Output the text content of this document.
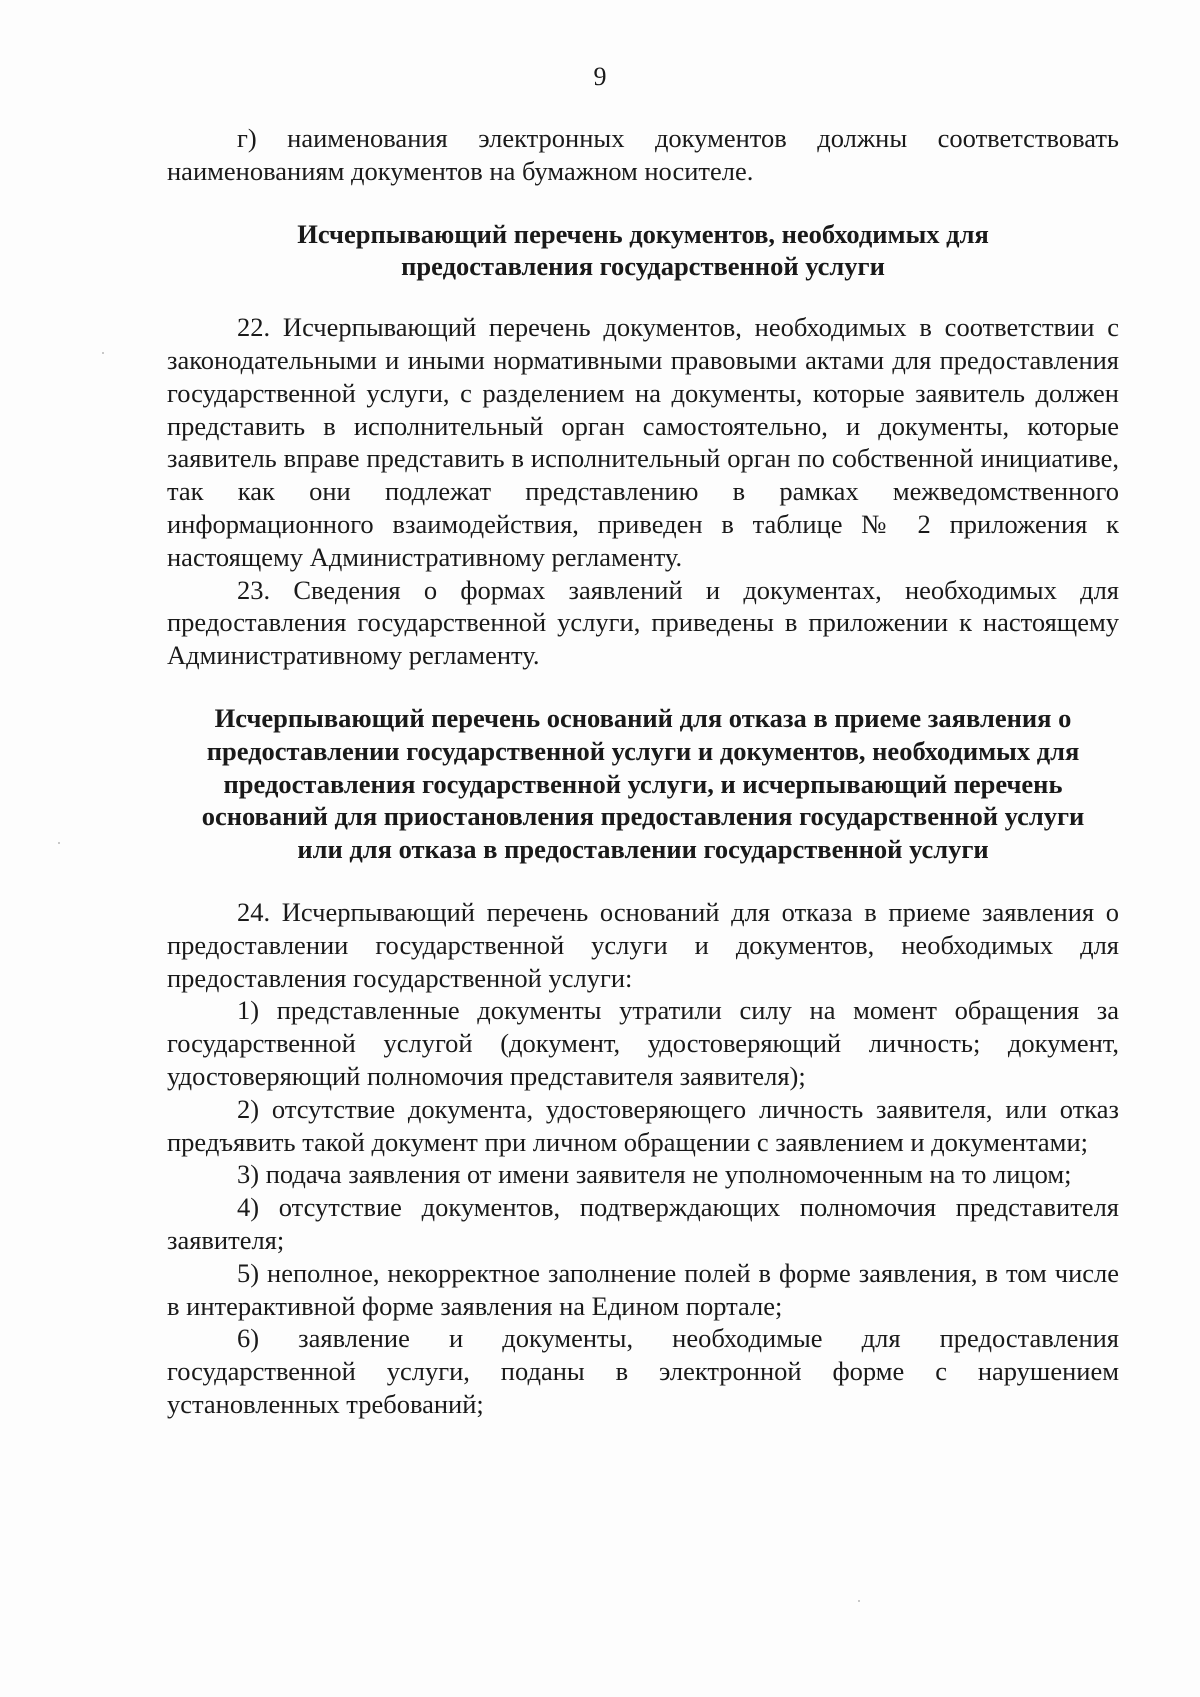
9

г) наименования электронных документов должны соответствовать наименованиям документов на бумажном носителе.

Исчерпывающий перечень документов, необходимых для предоставления государственной услуги

22. Исчерпывающий перечень документов, необходимых в соответствии с законодательными и иными нормативными правовыми актами для предоставления государственной услуги, с разделением на документы, которые заявитель должен представить в исполнительный орган самостоятельно, и документы, которые заявитель вправе представить в исполнительный орган по собственной инициативе, так как они подлежат представлению в рамках межведомственного информационного взаимодействия, приведен в таблице № 2 приложения к настоящему Административному регламенту.

23. Сведения о формах заявлений и документах, необходимых для предоставления государственной услуги, приведены в приложении к настоящему Административному регламенту.

Исчерпывающий перечень оснований для отказа в приеме заявления о предоставлении государственной услуги и документов, необходимых для предоставления государственной услуги, и исчерпывающий перечень оснований для приостановления предоставления государственной услуги или для отказа в предоставлении государственной услуги

24. Исчерпывающий перечень оснований для отказа в приеме заявления о предоставлении государственной услуги и документов, необходимых для предоставления государственной услуги:

1) представленные документы утратили силу на момент обращения за государственной услугой (документ, удостоверяющий личность; документ, удостоверяющий полномочия представителя заявителя);

2) отсутствие документа, удостоверяющего личность заявителя, или отказ предъявить такой документ при личном обращении с заявлением и документами;

3) подача заявления от имени заявителя не уполномоченным на то лицом;

4) отсутствие документов, подтверждающих полномочия представителя заявителя;

5) неполное, некорректное заполнение полей в форме заявления, в том числе в интерактивной форме заявления на Едином портале;

6) заявление и документы, необходимые для предоставления государственной услуги, поданы в электронной форме с нарушением установленных требований;
